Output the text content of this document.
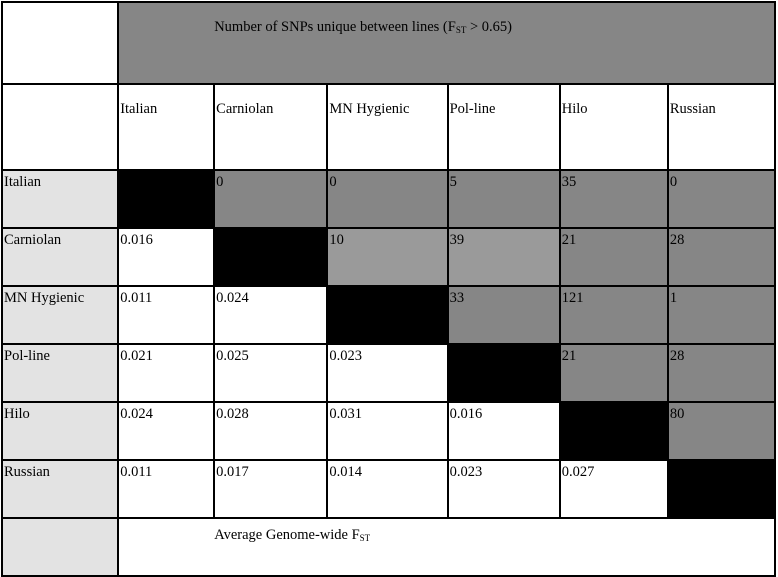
	Number of SNPs unique between lines $(F_{ST} > 0.65)$					
	Italian	Carniolan	MN Hygienic	Pol-line	Hilo	Russian
Italian		0	0	5	35	0
Carniolan	0.016		10	39	21	28
MN Hygienic	0.011	0.024		33	121	1
Pol-line	0.021	0.025	0.023		21	28
Hilo	0.024	0.028	0.031	0.016		80
Russian	0.011	0.017	0.014	0.023	0.027	
	Average Genome-wide $F_{ST}$
